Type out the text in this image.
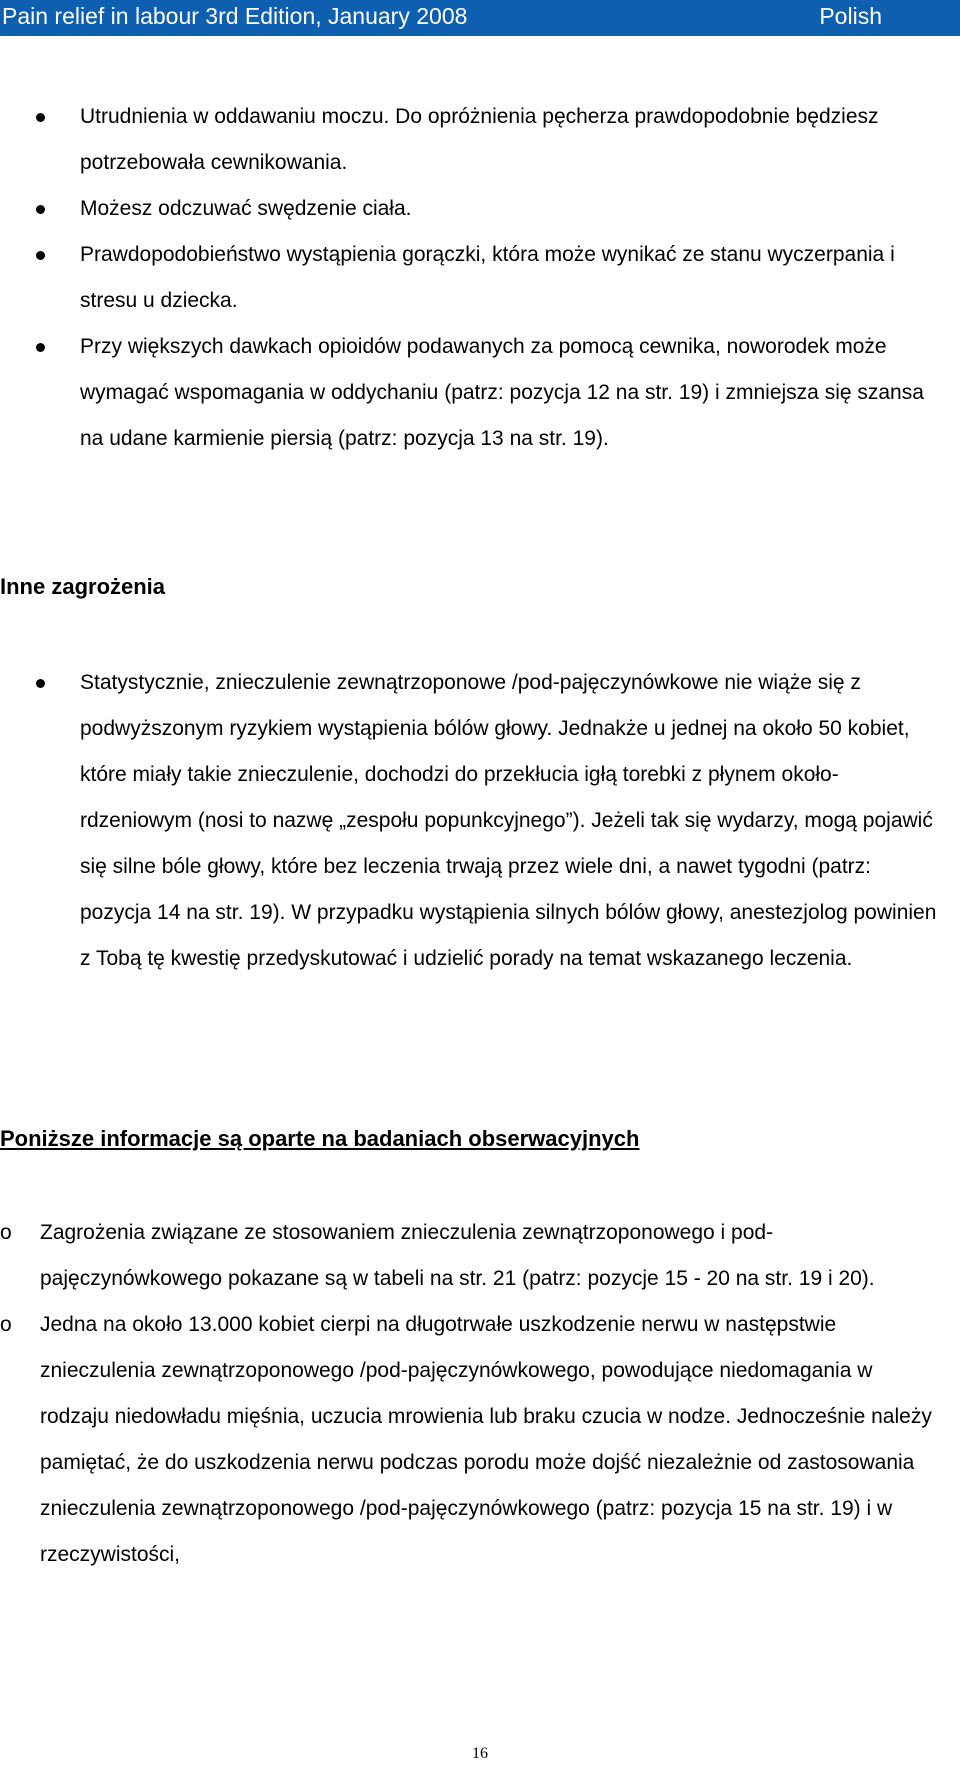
Pain relief in labour 3rd Edition, January 2008	Polish
Utrudnienia w oddawaniu moczu. Do opróżnienia pęcherza prawdopodobnie będziesz potrzebowała cewnikowania.
Możesz odczuwać swędzenie ciała.
Prawdopodobieństwo wystąpienia gorączki, która może wynikać ze stanu wyczerpania i stresu u dziecka.
Przy większych dawkach opioidów podawanych za pomocą cewnika, noworodek może wymagać wspomagania w oddychaniu (patrz: pozycja 12 na str. 19) i zmniejsza się szansa na udane karmienie piersią (patrz: pozycja 13 na str. 19).
Inne zagrożenia
Statystycznie, znieczulenie zewnątrzoponowe /pod-pajęczynówkowe nie wiąże się z podwyższonym ryzykiem wystąpienia bólów głowy. Jednakże u jednej na około 50 kobiet, które miały takie znieczulenie, dochodzi do przekłucia igłą torebki z płynem około-rdzeniowym (nosi to nazwę „zespołu popunkcyjnego”). Jeżeli tak się wydarzy, mogą pojawić się silne bóle głowy, które bez leczenia trwają przez wiele dni, a nawet tygodni (patrz: pozycja 14 na str. 19). W przypadku wystąpienia silnych bólów głowy, anestezjolog powinien z Tobą tę kwestię przedyskutować i udzielić porady na temat wskazanego leczenia.
Poniższe informacje są oparte na badaniach obserwacyjnych
o Zagrożenia związane ze stosowaniem znieczulenia zewnątrzoponowego i pod-pajęczynówkowego pokazane są w tabeli na str. 21 (patrz: pozycje 15 - 20 na str. 19 i 20).
o Jedna na około 13.000 kobiet cierpi na długotrwałe uszkodzenie nerwu w następstwie znieczulenia zewnątrzoponowego /pod-pajęczynówkowego, powodujące niedomagania w rodzaju niedowładu mięśnia, uczucia mrowienia lub braku czucia w nodze. Jednocześnie należy pamiętać, że do uszkodzenia nerwu podczas porodu może dojść niezależnie od zastosowania znieczulenia zewnątrzoponowego /pod-pajęczynówkowego (patrz: pozycja 15 na str. 19) i w rzeczywistości,
16
